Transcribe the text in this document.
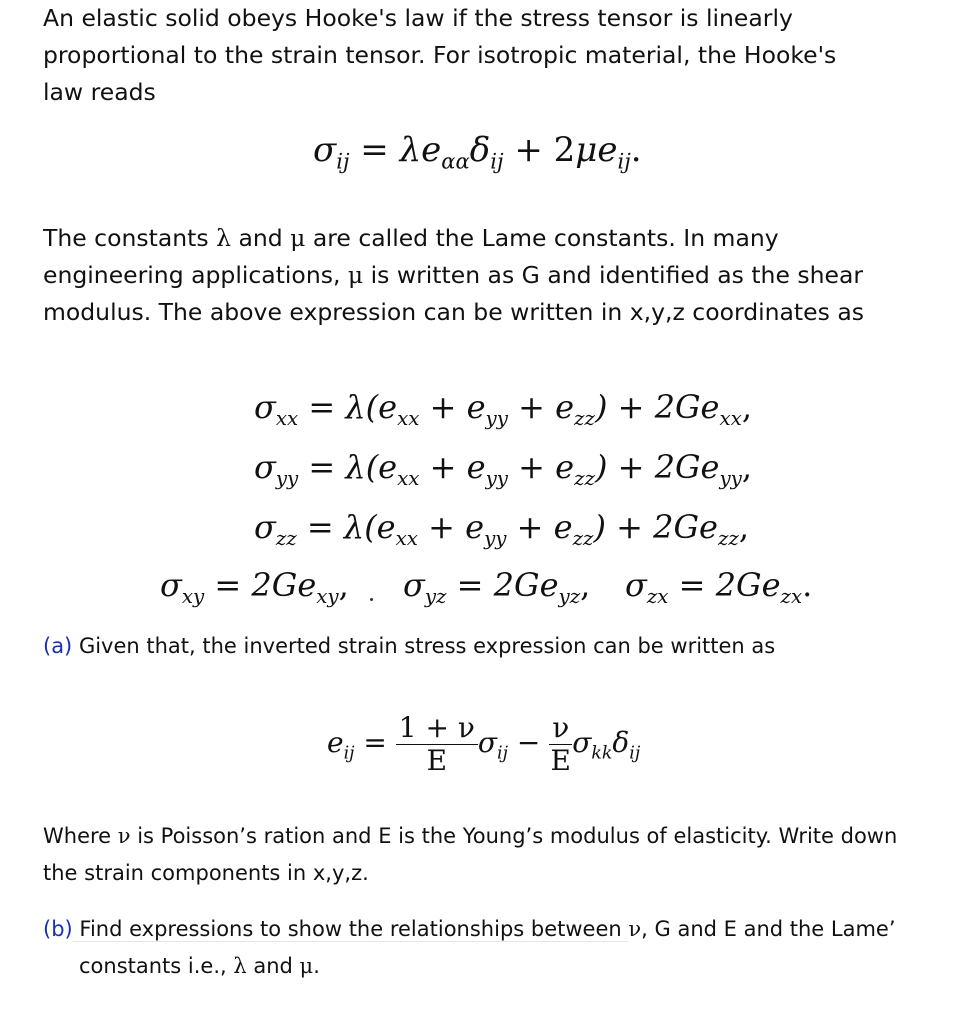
An elastic solid obeys Hooke's law if the stress tensor is linearly
proportional to the strain tensor. For isotropic material, the Hooke's
law reads
$\sigma_{ij} = \lambda e_{\alpha\alpha}\delta_{ij} + 2\mu e_{ij}$.
The constants λ and μ are called the Lame constants. In many
engineering applications, μ is written as G and identified as the shear
modulus. The above expression can be written in x,y,z coordinates as
$\sigma_{xx} = \lambda(e_{xx} + e_{yy} + e_{zz}) + 2Ge_{xx}$,
$\sigma_{yy} = \lambda(e_{xx} + e_{yy} + e_{zz}) + 2Ge_{yy}$,
$\sigma_{zz} = \lambda(e_{xx} + e_{yy} + e_{zz}) + 2Ge_{zz}$,
$\sigma_{xy} = 2Ge_{xy}$, $\sigma_{yz} = 2Ge_{yz}$, $\sigma_{zx} = 2Ge_{zx}$.
(a) Given that, the inverted strain stress expression can be written as
$e_{ij} = \frac{1 + \nu}{E} \sigma_{ij} - \frac{\nu}{E} \sigma_{kk}\delta_{ij}$
Where ν is Poisson’s ration and E is the Young’s modulus of elasticity. Write down
the strain components in x,y,z.
(b) Find expressions to show the relationships between ν, G and E and the Lame’
constants i.e., λ and μ.
